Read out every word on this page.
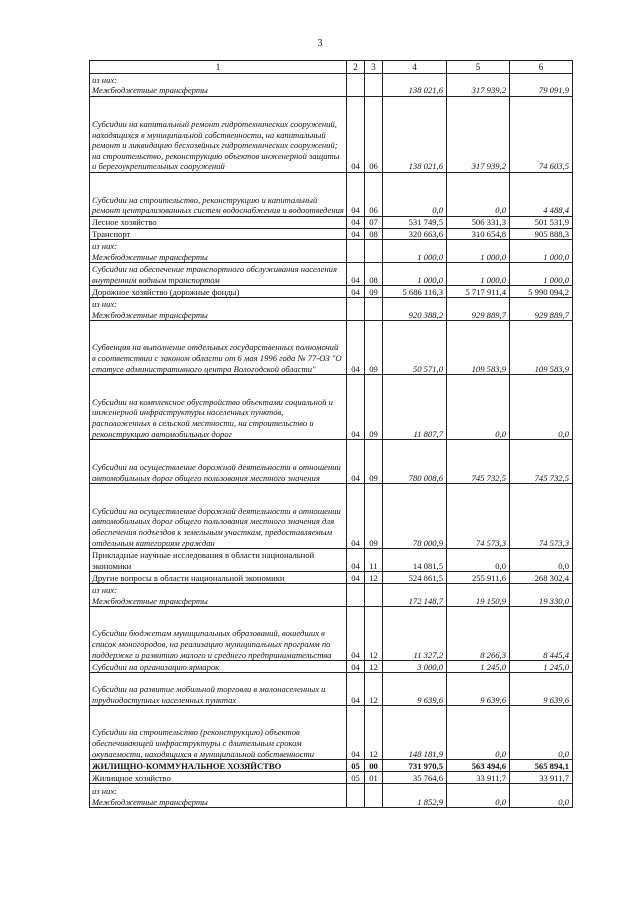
3
1	2	3	4	5	6
из них:
Межбюджетные трансферты			138 021,6	317 939,2	79 091,9
Субсидии на капитальный ремонт гидротехнических сооружений, находящихся в муниципальной собственности, на капитальный ремонт и ликвидацию бесхозяйных гидротехнических сооружений; на строительство, реконструкцию объектов инженерной защиты и берегоукрепительных сооружений	04	06	138 021,6	317 939,2	74 603,5
Субсидии на строительство, реконструкцию и капитальный ремонт централизованных систем водоснабжения и водоотведения	04	06	0,0	0,0	4 488,4
Лесное хозяйство	04	07	531 749,5	506 331,3	501 531,9
Транспорт	04	08	320 663,6	310 654,8	905 888,3
из них:
Межбюджетные трансферты			1 000,0	1 000,0	1 000,0
Субсидии на обеспечение транспортного обслуживания населения внутренним водным транспортом	04	08	1 000,0	1 000,0	1 000,0
Дорожное хозяйство (дорожные фонды)	04	09	5 686 116,3	5 717 911,4	5 990 094,2
из них:
Межбюджетные трансферты			920 388,2	929 889,7	929 889,7
Субвенция на выполнение отдельных государственных полномочий в соответствии с законом области от 6 мая 1996 года № 77-ОЗ "О статусе административного центра Вологодской области"	04	09	50 571,0	109 583,9	109 583,9
Субсидии на комплексное обустройство объектами социальной и инженерной инфраструктуры населенных пунктов, расположенных в сельской местности, на строительство и реконструкцию автомобильных дорог	04	09	11 807,7	0,0	0,0
Субсидии на осуществление дорожной деятельности в отношении автомобильных дорог общего пользования местного значения	04	09	780 008,6	745 732,5	745 732,5
Субсидии на осуществление дорожной деятельности в отношении автомобильных дорог общего пользования местного значения для обеспечения подъездов к земельным участкам, предоставляемым отдельным категориям граждан	04	09	78 000,9	74 573,3	74 573,3
Прикладные научные исследования в области национальной экономики	04	11	14 081,5	0,0	0,0
Другие вопросы в области национальной экономики	04	12	524 861,5	255 911,6	268 302,4
из них:
Межбюджетные трансферты			172 148,7	19 150,9	19 330,0
Субсидии бюджетам муниципальных образований, вошедших в список моногородов, на реализацию муниципальных программ по поддержке и развитию малого и среднего предпринимательства	04	12	11 327,2	8 266,3	8 445,4
Субсидии на организацию ярмарок	04	12	3 000,0	1 245,0	1 245,0
Субсидии на развитие мобильной торговли в малонаселенных и труднодоступных населенных пунктах	04	12	9 639,6	9 639,6	9 639,6
Субсидии на строительство (реконструкцию) объектов обеспечивающей инфраструктуры с длительным сроком окупаемости, находящихся в муниципальной собственности	04	12	148 181,9	0,0	0,0
ЖИЛИЩНО-КОММУНАЛЬНОЕ ХОЗЯЙСТВО	05	00	731 970,5	563 494,6	565 894,1
Жилищное хозяйство	05	01	35 764,6	33 911,7	33 911,7
из них:
Межбюджетные трансферты			1 852,9	0,0	0,0
